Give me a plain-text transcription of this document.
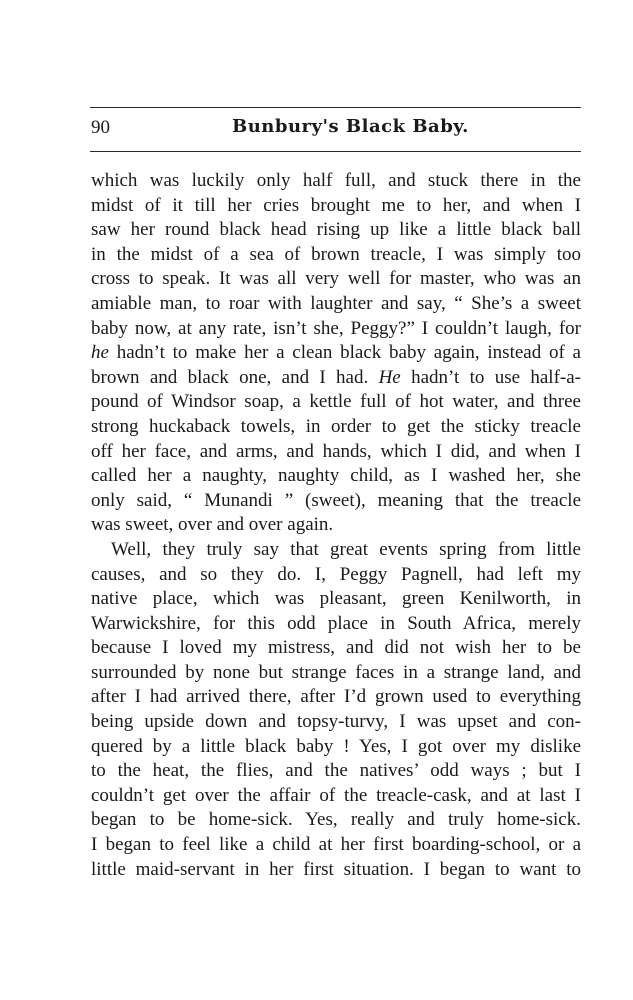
90	Bunbury's Black Baby.
which was luckily only half full, and stuck there in the
midst of it till her cries brought me to her, and when I
saw her round black head rising up like a little black ball
in the midst of a sea of brown treacle, I was simply too
cross to speak. It was all very well for master, who was an
amiable man, to roar with laughter and say, “ She’s a sweet
baby now, at any rate, isn’t she, Peggy?” I couldn’t laugh, for
he hadn’t to make her a clean black baby again, instead of a
brown and black one, and I had. He hadn’t to use half-a-
pound of Windsor soap, a kettle full of hot water, and three
strong huckaback towels, in order to get the sticky treacle
off her face, and arms, and hands, which I did, and when I
called her a naughty, naughty child, as I washed her, she
only said, “ Munandi ” (sweet), meaning that the treacle
was sweet, over and over again.
Well, they truly say that great events spring from little
causes, and so they do. I, Peggy Pagnell, had left my
native place, which was pleasant, green Kenilworth, in
Warwickshire, for this odd place in South Africa, merely
because I loved my mistress, and did not wish her to be
surrounded by none but strange faces in a strange land, and
after I had arrived there, after I’d grown used to everything
being upside down and topsy-turvy, I was upset and con-
quered by a little black baby ! Yes, I got over my dislike
to the heat, the flies, and the natives’ odd ways ; but I
couldn’t get over the affair of the treacle-cask, and at last I
began to be home-sick. Yes, really and truly home-sick.
I began to feel like a child at her first boarding-school, or a
little maid-servant in her first situation. I began to want to
